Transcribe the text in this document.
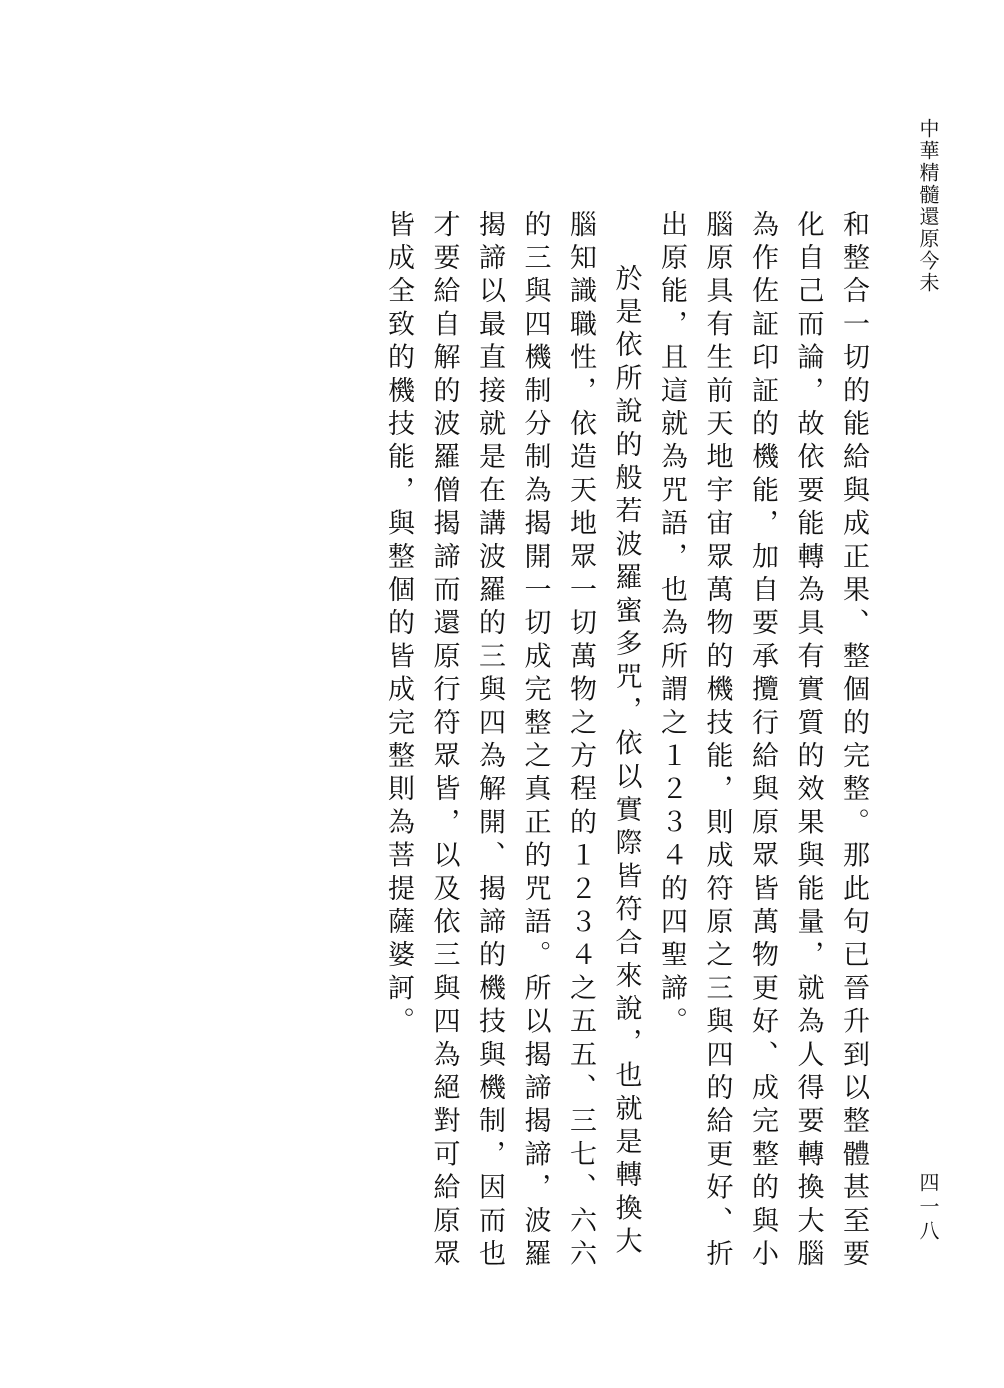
中華精髓還原今未

和整合一切的能給與成正果、整個的完整。那此句已晉升到以整體甚至要化自己而論，故依要能轉為具有實質的效果與能量，就為人得要轉換大腦為作佐証印証的機能，加自要承攬行給與原眾皆萬物更好、成完整的與小腦原具有生前天地宇宙眾萬物的機技能，則成符原之三與四的給更好、折出原能，且這就為咒語，也為所謂之１２３４的四聖諦。

於是依所說的般若波羅蜜多咒，依以實際皆符合來說，也就是轉換大腦知識職性，依造天地眾一切萬物之方程的１２３４之五五、三七、六六的三與四機制分制為揭開一切成完整之真正的咒語。所以揭諦揭諦，波羅揭諦以最直接就是在講波羅的三與四為解開、揭諦的機技與機制，因而也才要給自解的波羅僧揭諦而還原行符眾皆，以及依三與四為絕對可給原眾皆成全致的機技能，與整個的皆成完整則為菩提薩婆訶。

四一八
